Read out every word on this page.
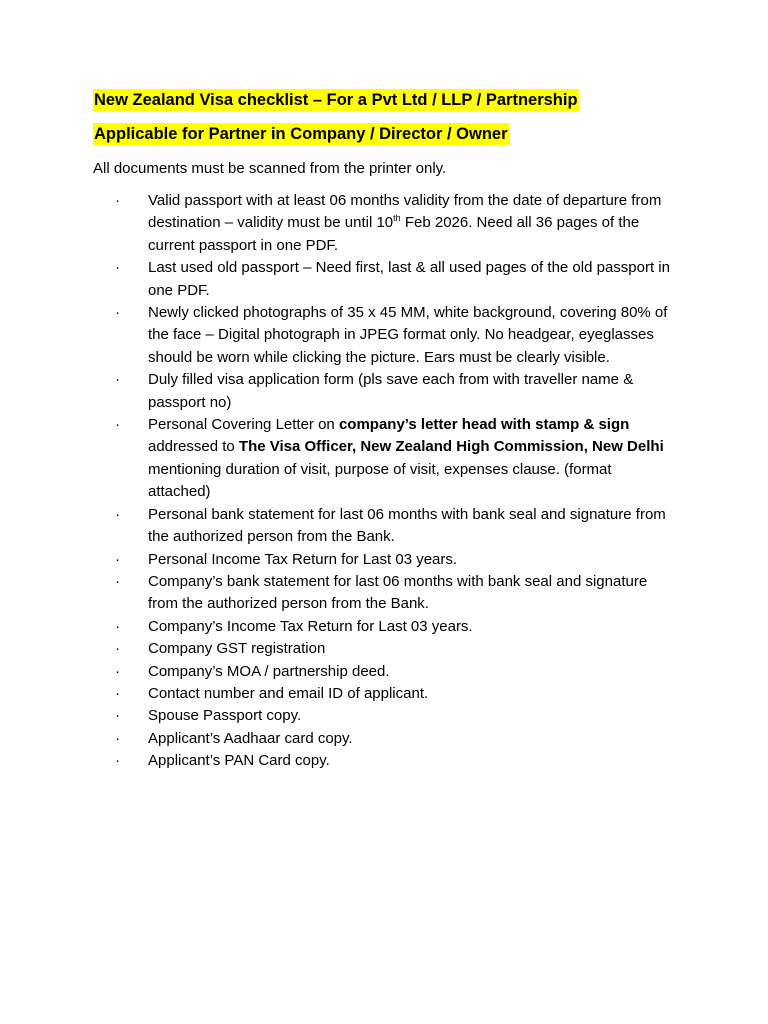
New Zealand Visa checklist – For a Pvt Ltd / LLP / Partnership
Applicable for Partner in Company / Director / Owner
All documents must be scanned from the printer only.
· Valid passport with at least 06 months validity from the date of departure from destination – validity must be until 10th Feb 2026. Need all 36 pages of the current passport in one PDF.
· Last used old passport – Need first, last & all used pages of the old passport in one PDF.
· Newly clicked photographs of 35 x 45 MM, white background, covering 80% of the face – Digital photograph in JPEG format only. No headgear, eyeglasses should be worn while clicking the picture. Ears must be clearly visible.
· Duly filled visa application form (pls save each from with traveller name & passport no)
· Personal Covering Letter on company’s letter head with stamp & sign addressed to The Visa Officer, New Zealand High Commission, New Delhi mentioning duration of visit, purpose of visit, expenses clause. (format attached)
· Personal bank statement for last 06 months with bank seal and signature from the authorized person from the Bank.
· Personal Income Tax Return for Last 03 years.
· Company’s bank statement for last 06 months with bank seal and signature from the authorized person from the Bank.
· Company’s Income Tax Return for Last 03 years.
· Company GST registration
· Company’s MOA / partnership deed.
· Contact number and email ID of applicant.
· Spouse Passport copy.
· Applicant’s Aadhaar card copy.
· Applicant’s PAN Card copy.
